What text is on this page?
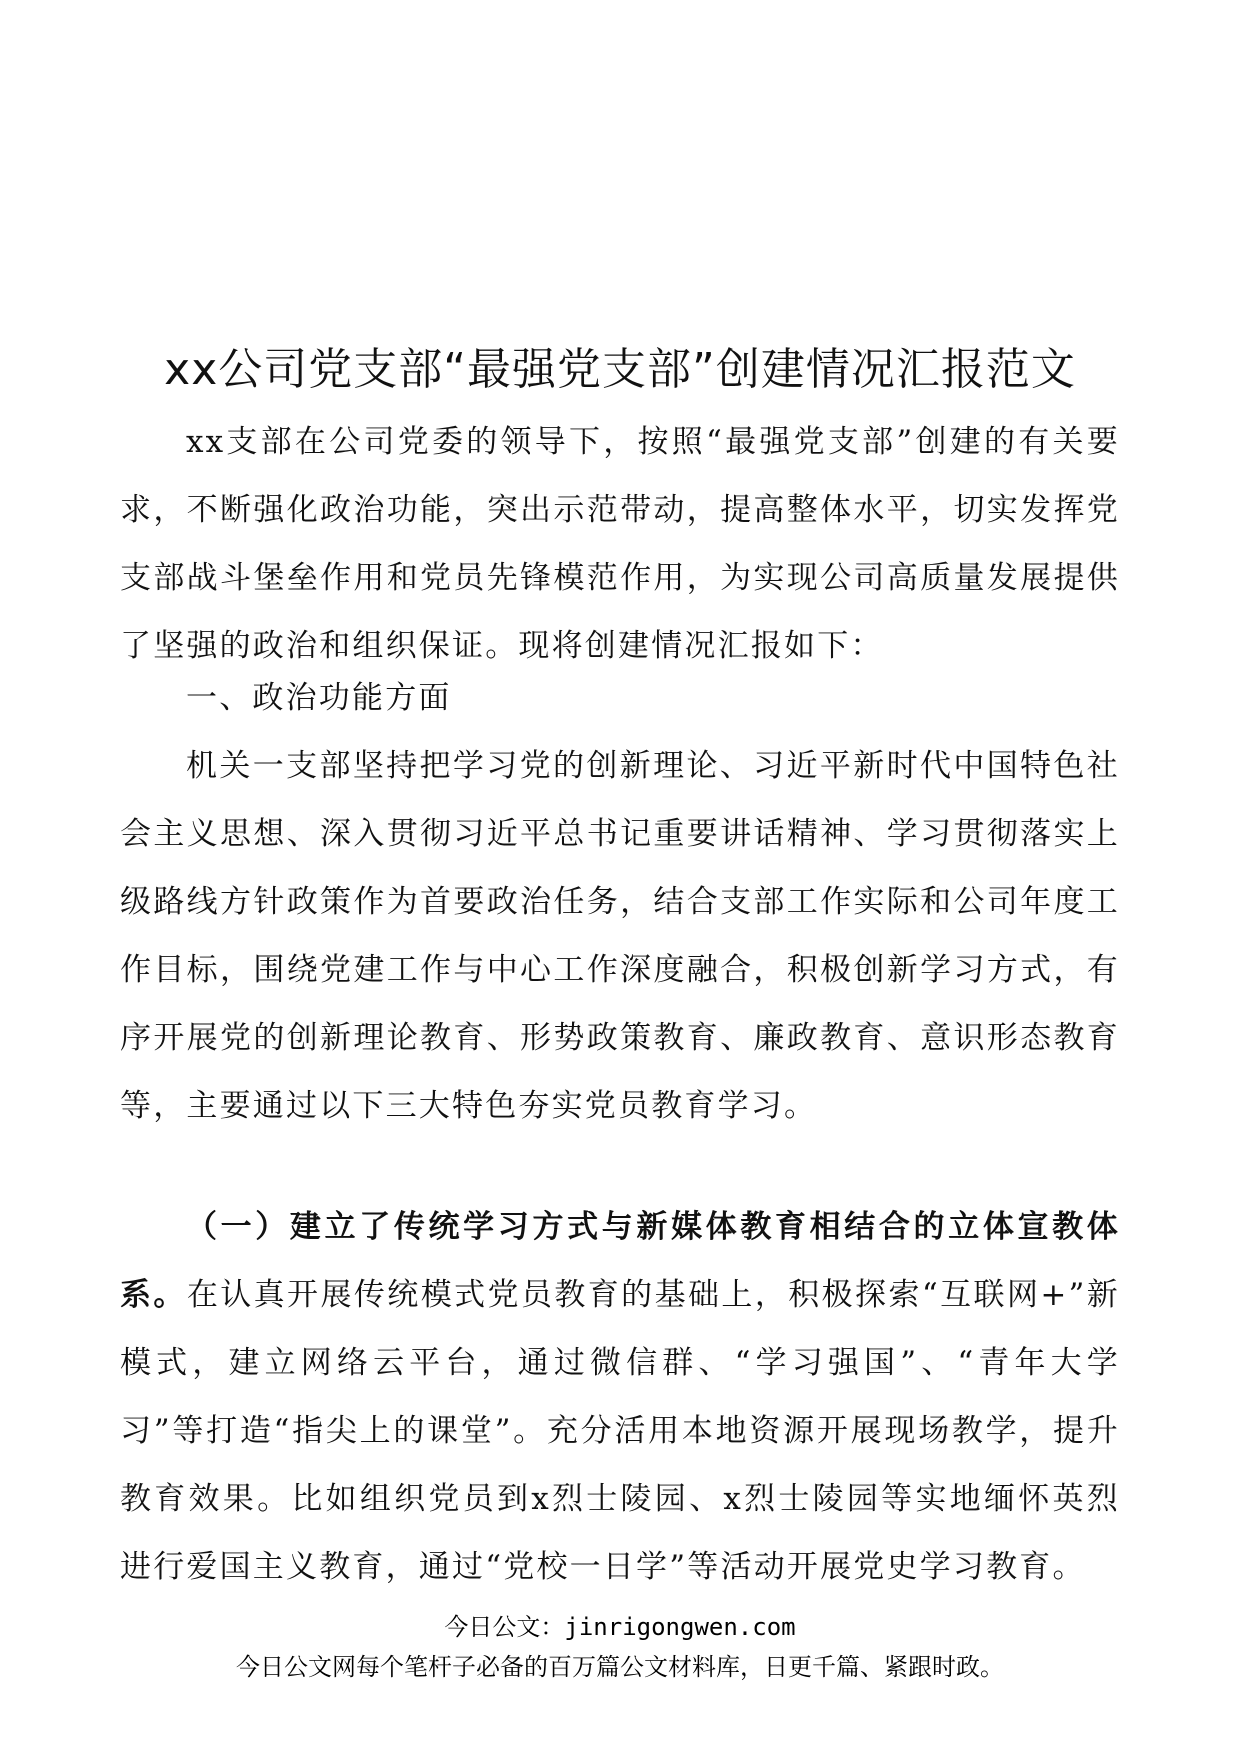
xx公司党支部“最强党支部”创建情况汇报范文
xx支部在公司党委的领导下，按照“最强党支部”创建的有关要求，不断强化政治功能，突出示范带动，提高整体水平，切实发挥党支部战斗堡垒作用和党员先锋模范作用，为实现公司高质量发展提供了坚强的政治和组织保证。现将创建情况汇报如下：
一、政治功能方面
机关一支部坚持把学习党的创新理论、习近平新时代中国特色社会主义思想、深入贯彻习近平总书记重要讲话精神、学习贯彻落实上级路线方针政策作为首要政治任务，结合支部工作实际和公司年度工作目标，围绕党建工作与中心工作深度融合，积极创新学习方式，有序开展党的创新理论教育、形势政策教育、廉政教育、意识形态教育等，主要通过以下三大特色夯实党员教育学习。
（一）建立了传统学习方式与新媒体教育相结合的立体宣教体系。在认真开展传统模式党员教育的基础上，积极探索“互联网+”新模式，建立网络云平台，通过微信群、“学习强国”、“青年大学习”等打造“指尖上的课堂”。充分活用本地资源开展现场教学，提升教育效果。比如组织党员到x烈士陵园、x烈士陵园等实地缅怀英烈进行爱国主义教育，通过“党校一日学”等活动开展党史学习教育。
今日公文：jinrigongwen.com
今日公文网每个笔杆子必备的百万篇公文材料库，日更千篇、紧跟时政。
